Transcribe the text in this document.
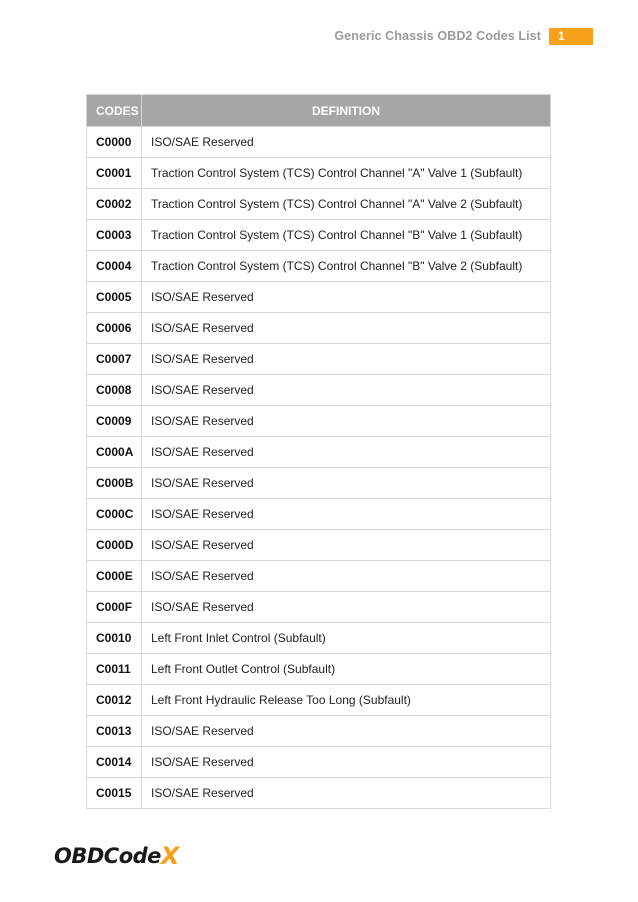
Generic Chassis OBD2 Codes List	1
CODES	DEFINITION
C0000	ISO/SAE Reserved
C0001	Traction Control System (TCS) Control Channel "A" Valve 1 (Subfault)
C0002	Traction Control System (TCS) Control Channel "A" Valve 2 (Subfault)
C0003	Traction Control System (TCS) Control Channel "B" Valve 1 (Subfault)
C0004	Traction Control System (TCS) Control Channel "B" Valve 2 (Subfault)
C0005	ISO/SAE Reserved
C0006	ISO/SAE Reserved
C0007	ISO/SAE Reserved
C0008	ISO/SAE Reserved
C0009	ISO/SAE Reserved
C000A	ISO/SAE Reserved
C000B	ISO/SAE Reserved
C000C	ISO/SAE Reserved
C000D	ISO/SAE Reserved
C000E	ISO/SAE Reserved
C000F	ISO/SAE Reserved
C0010	Left Front Inlet Control (Subfault)
C0011	Left Front Outlet Control (Subfault)
C0012	Left Front Hydraulic Release Too Long (Subfault)
C0013	ISO/SAE Reserved
C0014	ISO/SAE Reserved
C0015	ISO/SAE Reserved
OBDCode X
